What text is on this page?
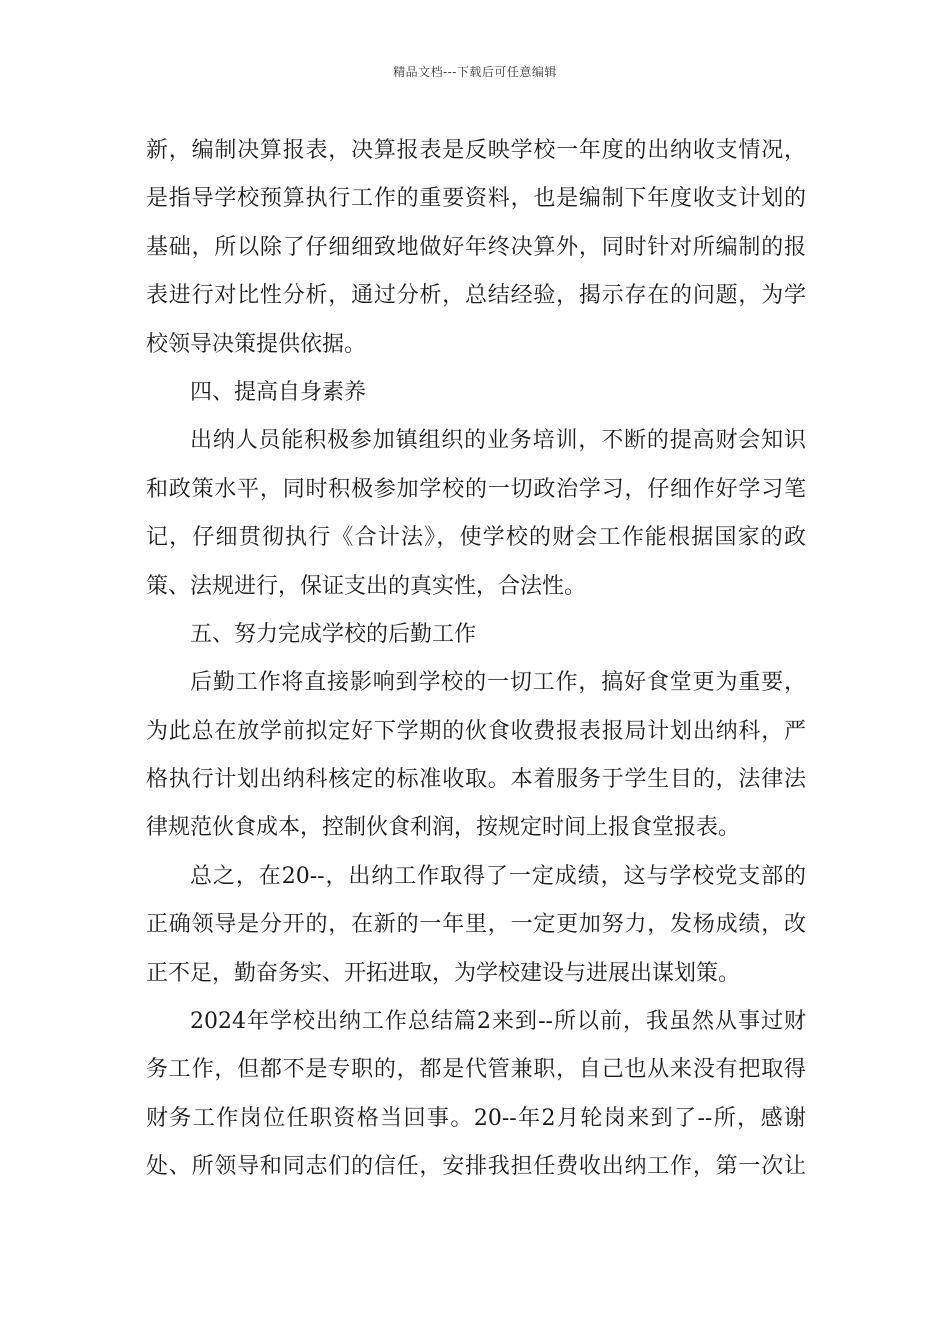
精品文档---下载后可任意编辑
新，编制决算报表，决算报表是反映学校一年度的出纳收支情况，
是指导学校预算执行工作的重要资料，也是编制下年度收支计划的
基础，所以除了仔细细致地做好年终决算外，同时针对所编制的报
表进行对比性分析，通过分析，总结经验，揭示存在的问题，为学
校领导决策提供依据。
四、提高自身素养
出纳人员能积极参加镇组织的业务培训，不断的提高财会知识
和政策水平，同时积极参加学校的一切政治学习，仔细作好学习笔
记，仔细贯彻执行《合计法》，使学校的财会工作能根据国家的政
策、法规进行，保证支出的真实性，合法性。
五、努力完成学校的后勤工作
后勤工作将直接影响到学校的一切工作，搞好食堂更为重要，
为此总在放学前拟定好下学期的伙食收费报表报局计划出纳科，严
格执行计划出纳科核定的标准收取。本着服务于学生目的，法律法
律规范伙食成本，控制伙食利润，按规定时间上报食堂报表。
总之，在20--，出纳工作取得了一定成绩，这与学校党支部的
正确领导是分开的，在新的一年里，一定更加努力，发杨成绩，改
正不足，勤奋务实、开拓进取，为学校建设与进展出谋划策。
2024年学校出纳工作总结篇2来到--所以前，我虽然从事过财
务工作，但都不是专职的，都是代管兼职，自己也从来没有把取得
财务工作岗位任职资格当回事。20--年2月轮岗来到了--所，感谢
处、所领导和同志们的信任，安排我担任费收出纳工作，第一次让
